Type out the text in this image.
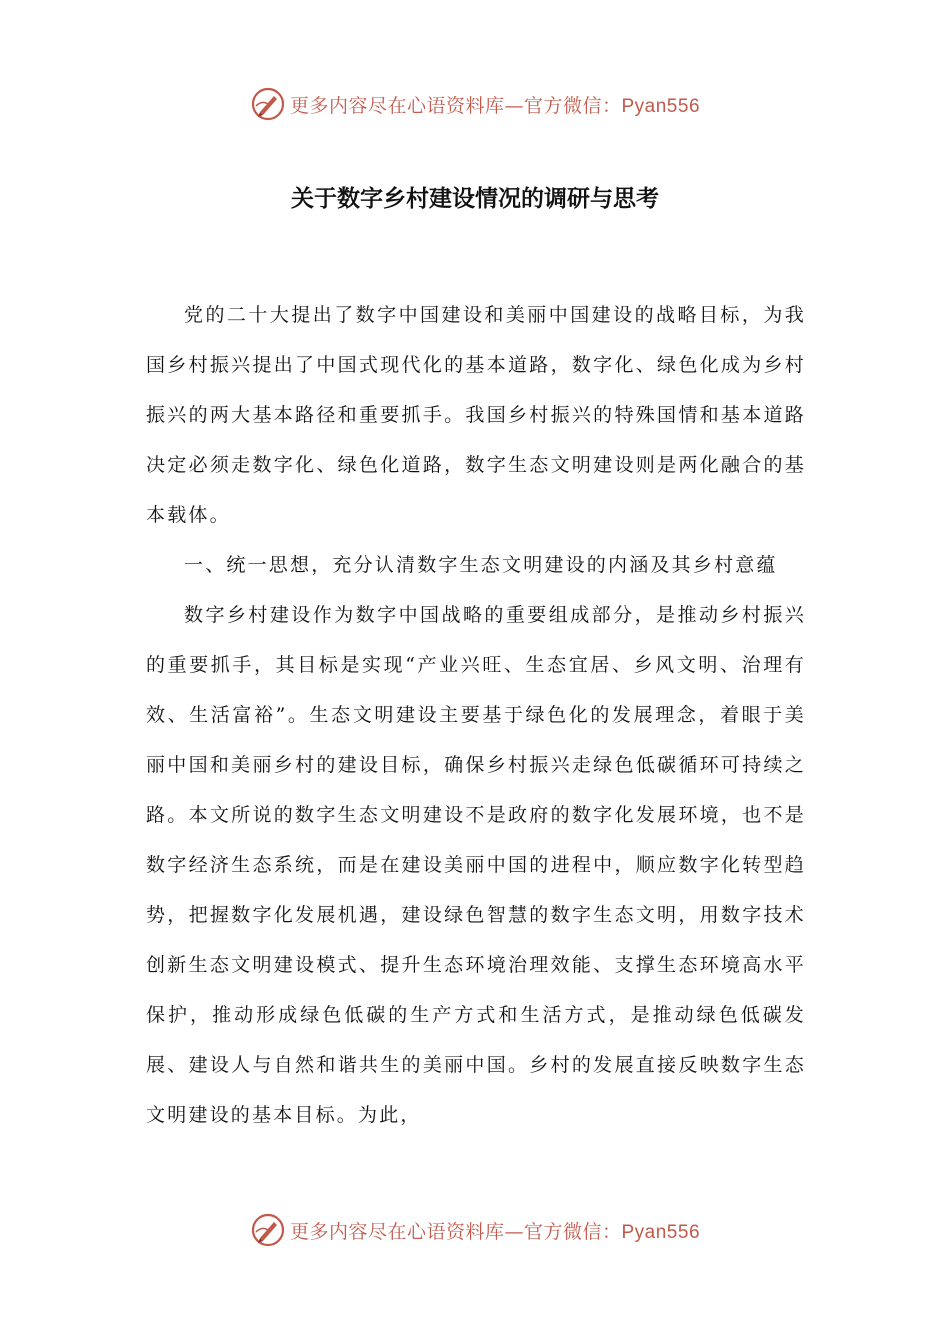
更多内容尽在心语资料库—官方微信：Pyan556
关于数字乡村建设情况的调研与思考

党的二十大提出了数字中国建设和美丽中国建设的战略目标，为我国乡村振兴提出了中国式现代化的基本道路，数字化、绿色化成为乡村振兴的两大基本路径和重要抓手。我国乡村振兴的特殊国情和基本道路决定必须走数字化、绿色化道路，数字生态文明建设则是两化融合的基本载体。

一、统一思想，充分认清数字生态文明建设的内涵及其乡村意蕴

数字乡村建设作为数字中国战略的重要组成部分，是推动乡村振兴的重要抓手，其目标是实现“产业兴旺、生态宜居、乡风文明、治理有效、生活富裕”。生态文明建设主要基于绿色化的发展理念，着眼于美丽中国和美丽乡村的建设目标，确保乡村振兴走绿色低碳循环可持续之路。本文所说的数字生态文明建设不是政府的数字化发展环境，也不是数字经济生态系统，而是在建设美丽中国的进程中，顺应数字化转型趋势，把握数字化发展机遇，建设绿色智慧的数字生态文明，用数字技术创新生态文明建设模式、提升生态环境治理效能、支撑生态环境高水平保护，推动形成绿色低碳的生产方式和生活方式，是推动绿色低碳发展、建设人与自然和谐共生的美丽中国。乡村的发展直接反映数字生态文明建设的基本目标。为此，

更多内容尽在心语资料库—官方微信：Pyan556
